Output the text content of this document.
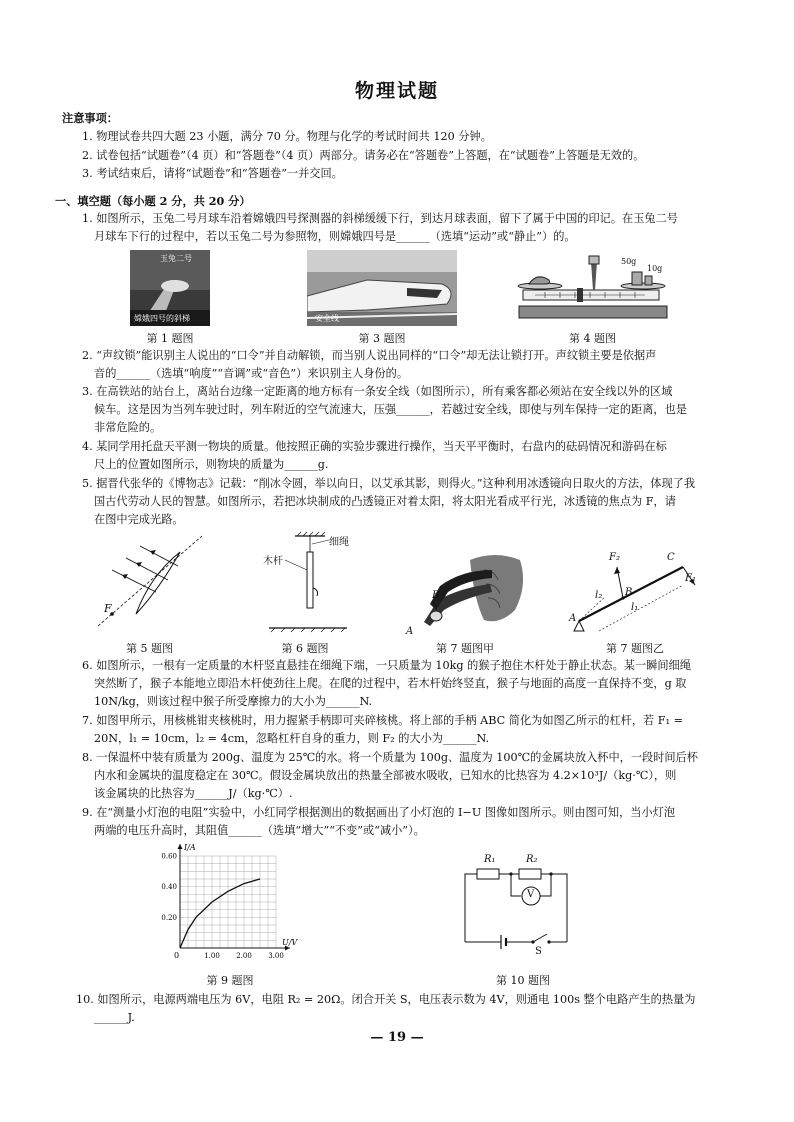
物理试题
注意事项：
1. 物理试卷共四大题 23 小题，满分 70 分。物理与化学的考试时间共 120 分钟。
2. 试卷包括“试题卷”（4 页）和“答题卷”（4 页）两部分。请务必在“答题卷”上答题，在“试题卷”上答题是无效的。
3. 考试结束后，请将“试题卷”和“答题卷”一并交回。
一、填空题（每小题 2 分，共 20 分）
1. 如图所示，玉兔二号月球车沿着嫦娥四号探测器的斜梯缓缓下行，到达月球表面，留下了属于中国的印记。在玉兔二号
月球车下行的过程中，若以玉兔二号为参照物，则嫦娥四号是______（选填“运动”或“静止”）的。
玉兔二号
嫦娥四号的斜梯
第 1 题图
安全线
第 3 题图
50g
10g
第 4 题图
2. “声纹锁”能识别主人说出的“口令”并自动解锁，而当别人说出同样的“口令”却无法让锁打开。声纹锁主要是依据声
音的______（选填“响度”“音调”或“音色”）来识别主人身份的。
3. 在高铁站的站台上，离站台边缘一定距离的地方标有一条安全线（如图所示），所有乘客都必须站在安全线以外的区域
候车。这是因为当列车驶过时，列车附近的空气流速大，压强______，若越过安全线，即使与列车保持一定的距离，也是
非常危险的。
4. 某同学用托盘天平测一物块的质量。他按照正确的实验步骤进行操作，当天平平衡时，右盘内的砝码情况和游码在标
尺上的位置如图所示，则物块的质量为______g.
5. 据晋代张华的《博物志》记载：“削冰令圆，举以向日，以艾承其影，则得火。”这种利用冰透镜向日取火的方法，体现了我
国古代劳动人民的智慧。如图所示，若把冰块制成的凸透镜正对着太阳，将太阳光看成平行光，冰透镜的焦点为 F，请
在图中完成光路。
F
第 5 题图
木杆
细绳
第 6 题图
B
A
第 7 题图甲
F₂	C
F₁
B
A
l₂
l₁
第 7 题图乙
6. 如图所示，一根有一定质量的木杆竖直悬挂在细绳下端，一只质量为 10kg 的猴子抱住木杆处于静止状态。某一瞬间细绳
突然断了，猴子本能地立即沿木杆使劲往上爬。在爬的过程中，若木杆始终竖直，猴子与地面的高度一直保持不变，g 取
10N/kg，则该过程中猴子所受摩擦力的大小为______N.
7. 如图甲所示，用核桃钳夹核桃时，用力握紧手柄即可夹碎核桃。将上部的手柄 ABC 简化为如图乙所示的杠杆，若 F₁ =
20N，l₁ = 10cm，l₂ = 4cm，忽略杠杆自身的重力，则 F₂ 的大小为______N.
8. 一保温杯中装有质量为 200g、温度为 25℃的水。将一个质量为 100g、温度为 100℃的金属块放入杯中，一段时间后杯
内水和金属块的温度稳定在 30℃。假设金属块放出的热量全部被水吸收，已知水的比热容为 4.2×10³J/（kg·℃），则
该金属块的比热容为______J/（kg·℃）.
9. 在“测量小灯泡的电阻”实验中，小红同学根据测出的数据画出了小灯泡的 I−U 图像如图所示。则由图可知，当小灯泡
两端的电压升高时，其阻值______（选填“增大”“不变”或“减小”）。
1.00 2.00 3.00
0.20
0.40
0.60
I/A
U/V
0
第 9 题图
R₁	R₂
V
S
第 10 题图
10. 如图所示，电源两端电压为 6V，电阻 R₂ = 20Ω。闭合开关 S，电压表示数为 4V，则通电 100s 整个电路产生的热量为
______J.
— 19 —
